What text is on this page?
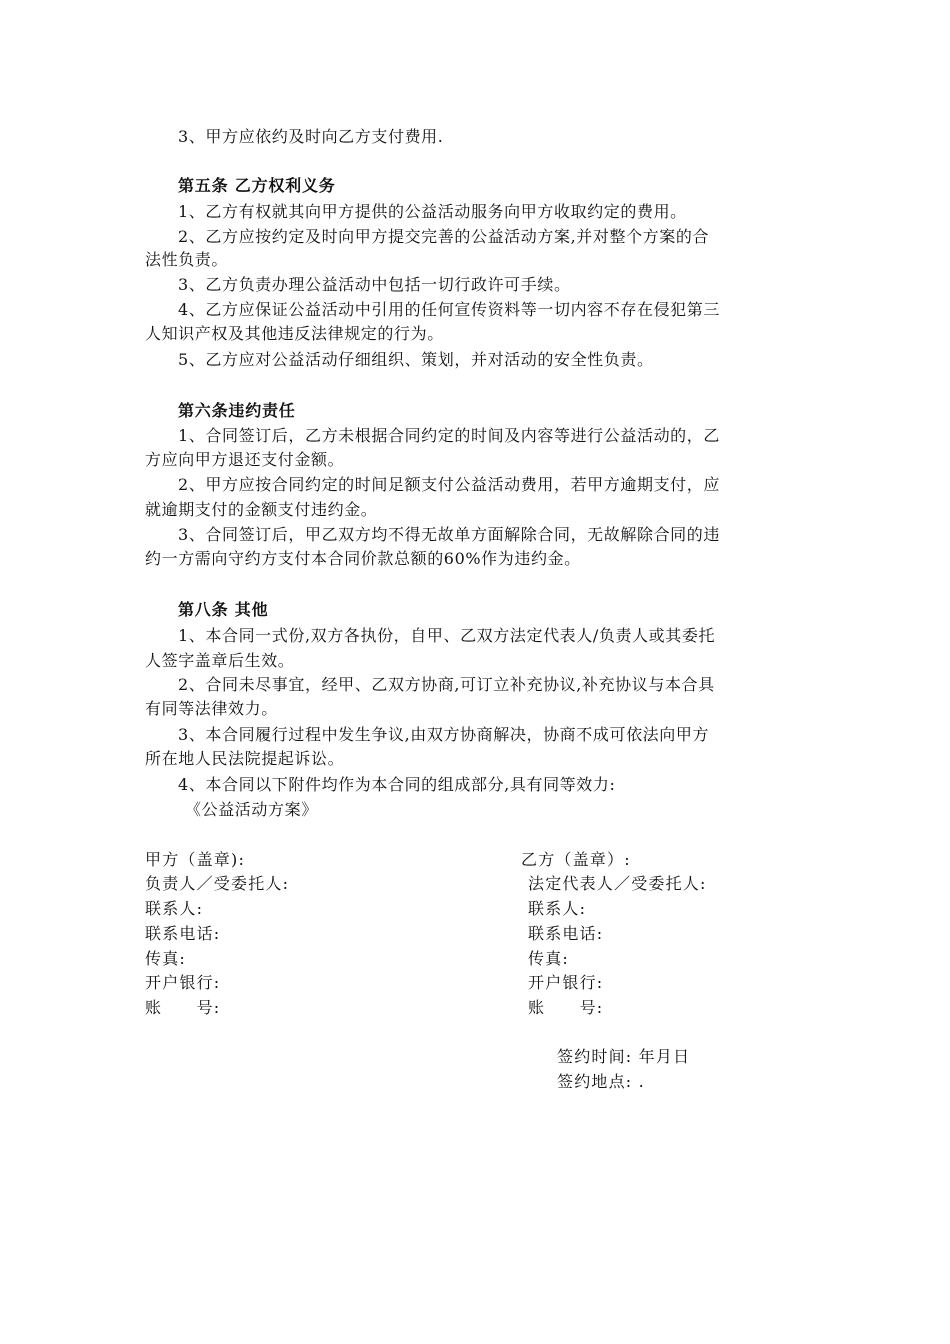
3、甲方应依约及时向乙方支付费用.
第五条 乙方权利义务
1、乙方有权就其向甲方提供的公益活动服务向甲方收取约定的费用。
2、乙方应按约定及时向甲方提交完善的公益活动方案,并对整个方案的合
法性负责。
3、乙方负责办理公益活动中包括一切行政许可手续。
4、乙方应保证公益活动中引用的任何宣传资料等一切内容不存在侵犯第三
人知识产权及其他违反法律规定的行为。
5、乙方应对公益活动仔细组织、策划，并对活动的安全性负责。
第六条违约责任
1、合同签订后，乙方未根据合同约定的时间及内容等进行公益活动的，乙
方应向甲方退还支付金额。
2、甲方应按合同约定的时间足额支付公益活动费用，若甲方逾期支付，应
就逾期支付的金额支付违约金。
3、合同签订后，甲乙双方均不得无故单方面解除合同，无故解除合同的违
约一方需向守约方支付本合同价款总额的60%作为违约金。
第八条 其他
1、本合同一式份,双方各执份，自甲、乙双方法定代表人/负责人或其委托
人签字盖章后生效。
2、合同未尽事宜，经甲、乙双方协商,可订立补充协议,补充协议与本合具
有同等法律效力。
3、本合同履行过程中发生争议,由双方协商解决，协商不成可依法向甲方
所在地人民法院提起诉讼。
4、本合同以下附件均作为本合同的组成部分,具有同等效力:
《公益活动方案》
甲方（盖章):
负责人／受委托人:
联系人:
联系电话:
传真:
开户银行:
账　　号:
乙方（盖章）:
法定代表人／受委托人:
联系人:
联系电话:
传真:
开户银行:
账　　号:
签约时间: 年月日
签约地点: .
